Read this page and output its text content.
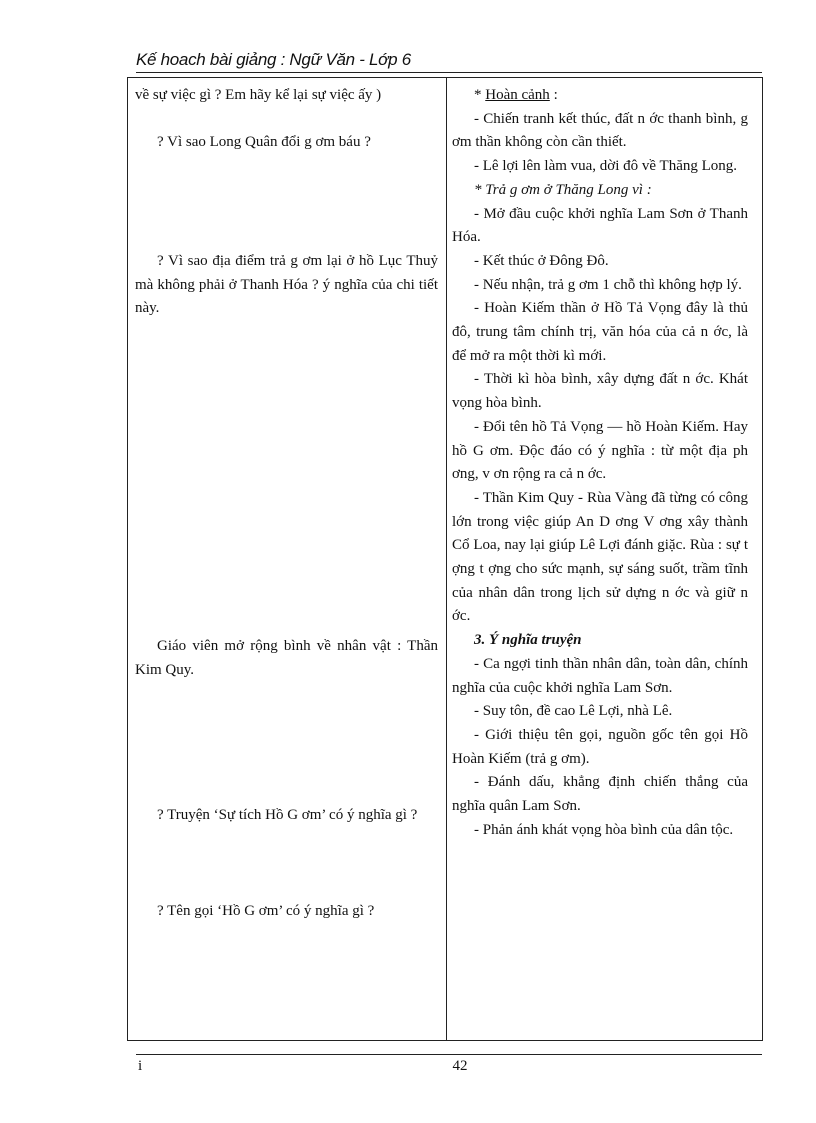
Kế hoach bài giảng : Ngữ Văn - Lớp 6
về sự việc gì ? Em hãy kể lại sự việc ấy )
? Vì sao Long Quân đổi g ơm báu ?
? Vì sao địa điểm trả g ơm lại ở hồ Lục Thuỷ mà không phải ở Thanh Hóa ? ý nghĩa của chi tiết này.
Giáo viên mở rộng bình về nhân vật : Thần Kim Quy.
? Truyện ‘Sự tích Hồ G ơm’ có ý nghĩa gì ?
? Tên gọi ‘Hồ G ơm’ có ý nghĩa gì ?
* Hoàn cảnh :
- Chiến tranh kết thúc, đất n ớc thanh bình, g ơm thần không còn cần thiết.
- Lê lợi lên làm vua, dời đô về Thăng Long.
* Trả g ơm ở Thăng Long vì :
- Mở đầu cuộc khởi nghĩa Lam Sơn ở Thanh Hóa.
- Kết thúc ở Đông Đô.
- Nếu nhận, trả g ơm 1 chỗ thì không hợp lý.
- Hoàn Kiếm thần ở Hồ Tả Vọng đây là thủ đô, trung tâm chính trị, văn hóa của cả n ớc, là để mở ra một thời kì mới.
- Thời kì hòa bình, xây dựng đất n ớc. Khát vọng hòa bình.
- Đổi tên hồ Tả Vọng — hồ Hoàn Kiếm. Hay hồ G ơm. Độc đáo có ý nghĩa : từ một địa ph ơng, v ơn rộng ra cả n ớc.
- Thần Kim Quy - Rùa Vàng đã từng có công lớn trong việc giúp An D ơng V ơng xây thành Cổ Loa, nay lại giúp Lê Lợi đánh giặc. Rùa : sự t ợng t ợng cho sức mạnh, sự sáng suốt, trầm tĩnh của nhân dân trong lịch sử dựng n ớc và giữ n ớc.
3. Ý nghĩa truyện
- Ca ngợi tinh thần nhân dân, toàn dân, chính nghĩa của cuộc khởi nghĩa Lam Sơn.
- Suy tôn, đề cao Lê Lợi, nhà Lê.
- Giới thiệu tên gọi, nguồn gốc tên gọi Hồ Hoàn Kiếm (trả g ơm).
- Đánh dấu, khẳng định chiến thắng của nghĩa quân Lam Sơn.
- Phản ánh khát vọng hòa bình của dân tộc.
i	42
